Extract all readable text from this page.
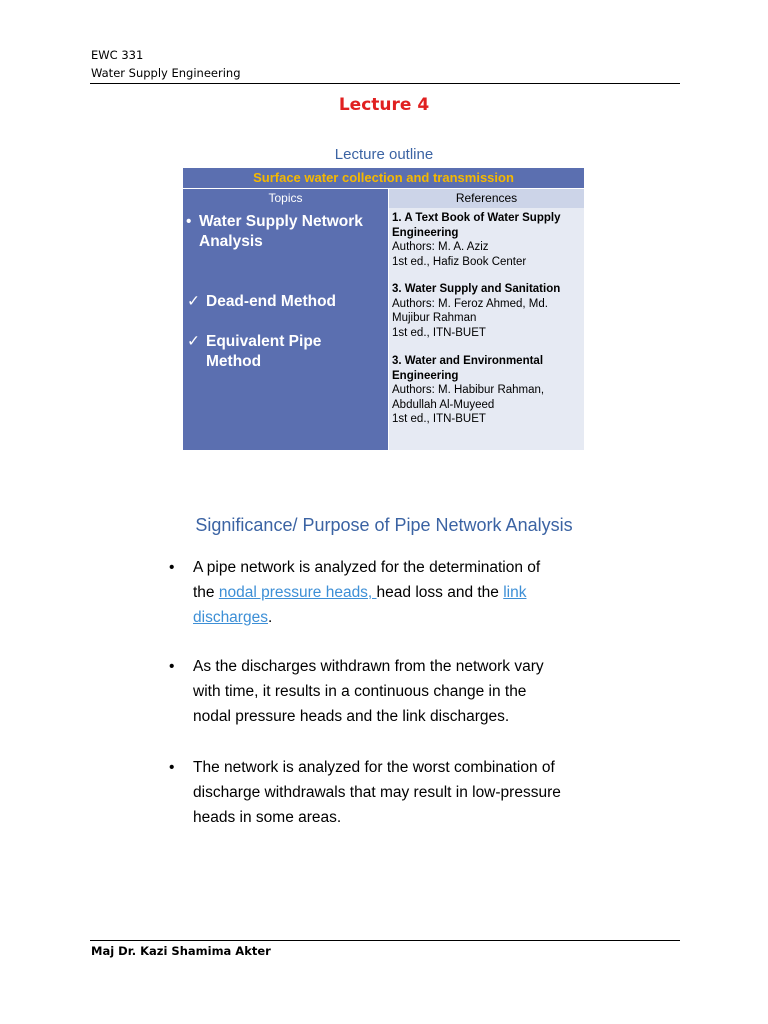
EWC 331
Water Supply Engineering
Lecture 4
Lecture outline
Surface water collection and transmission
Topics	References
• Water Supply Network
Analysis
✓ Dead-end Method
✓ Equivalent Pipe
Method
1. A Text Book of Water Supply
Engineering
Authors: M. A. Aziz
1st ed., Hafiz Book Center
3. Water Supply and Sanitation
Authors: M. Feroz Ahmed, Md.
Mujibur Rahman
1st ed., ITN-BUET
3. Water and Environmental
Engineering
Authors: M. Habibur Rahman,
Abdullah Al-Muyeed
1st ed., ITN-BUET
Significance/ Purpose of Pipe Network Analysis
• A pipe network is analyzed for the determination of
the nodal pressure heads, head loss and the link
discharges.
• As the discharges withdrawn from the network vary
with time, it results in a continuous change in the
nodal pressure heads and the link discharges.
• The network is analyzed for the worst combination of
discharge withdrawals that may result in low-pressure
heads in some areas.
Maj Dr. Kazi Shamima Akter
